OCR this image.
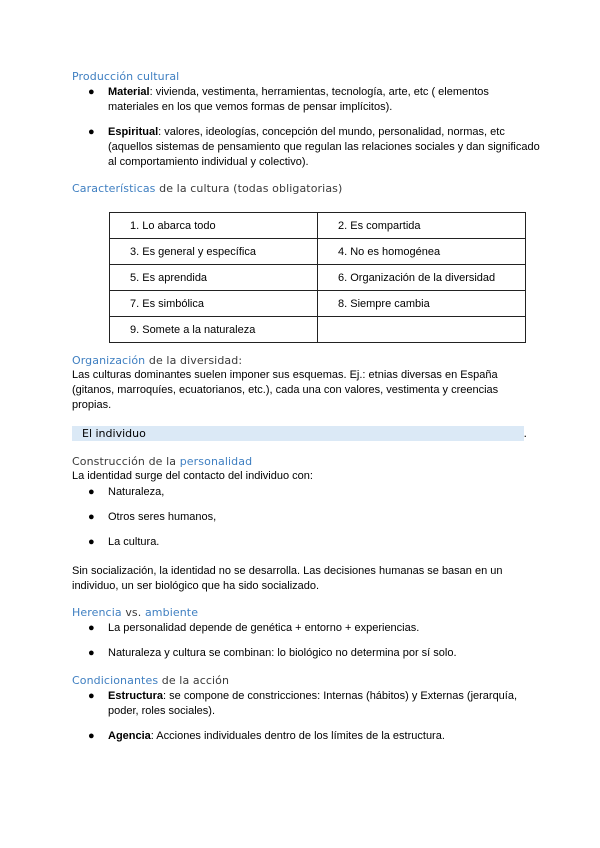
Producción cultural
● Material: vivienda, vestimenta, herramientas, tecnología, arte, etc ( elementos materiales en los que vemos formas de pensar implícitos).
● Espiritual: valores, ideologías, concepción del mundo, personalidad, normas, etc (aquellos sistemas de pensamiento que regulan las relaciones sociales y dan significado al comportamiento individual y colectivo).
Características de la cultura (todas obligatorias)
1. Lo abarca todo	2. Es compartida
3. Es general y específica	4. No es homogénea
5. Es aprendida	6. Organización de la diversidad
7. Es simbólica	8. Siempre cambia
9. Somete a la naturaleza	
Organización de la diversidad:
Las culturas dominantes suelen imponer sus esquemas. Ej.: etnias diversas en España (gitanos, marroquíes, ecuatorianos, etc.), cada una con valores, vestimenta y creencias propias.
El individuo	.
Construcción de la personalidad
La identidad surge del contacto del individuo con:
● Naturaleza,
● Otros seres humanos,
● La cultura.
Sin socialización, la identidad no se desarrolla. Las decisiones humanas se basan en un individuo, un ser biológico que ha sido socializado.
Herencia vs. ambiente
● La personalidad depende de genética + entorno + experiencias.
● Naturaleza y cultura se combinan: lo biológico no determina por sí solo.
Condicionantes de la acción
● Estructura: se compone de constricciones: Internas (hábitos) y Externas (jerarquía, poder, roles sociales).
● Agencia: Acciones individuales dentro de los límites de la estructura.
